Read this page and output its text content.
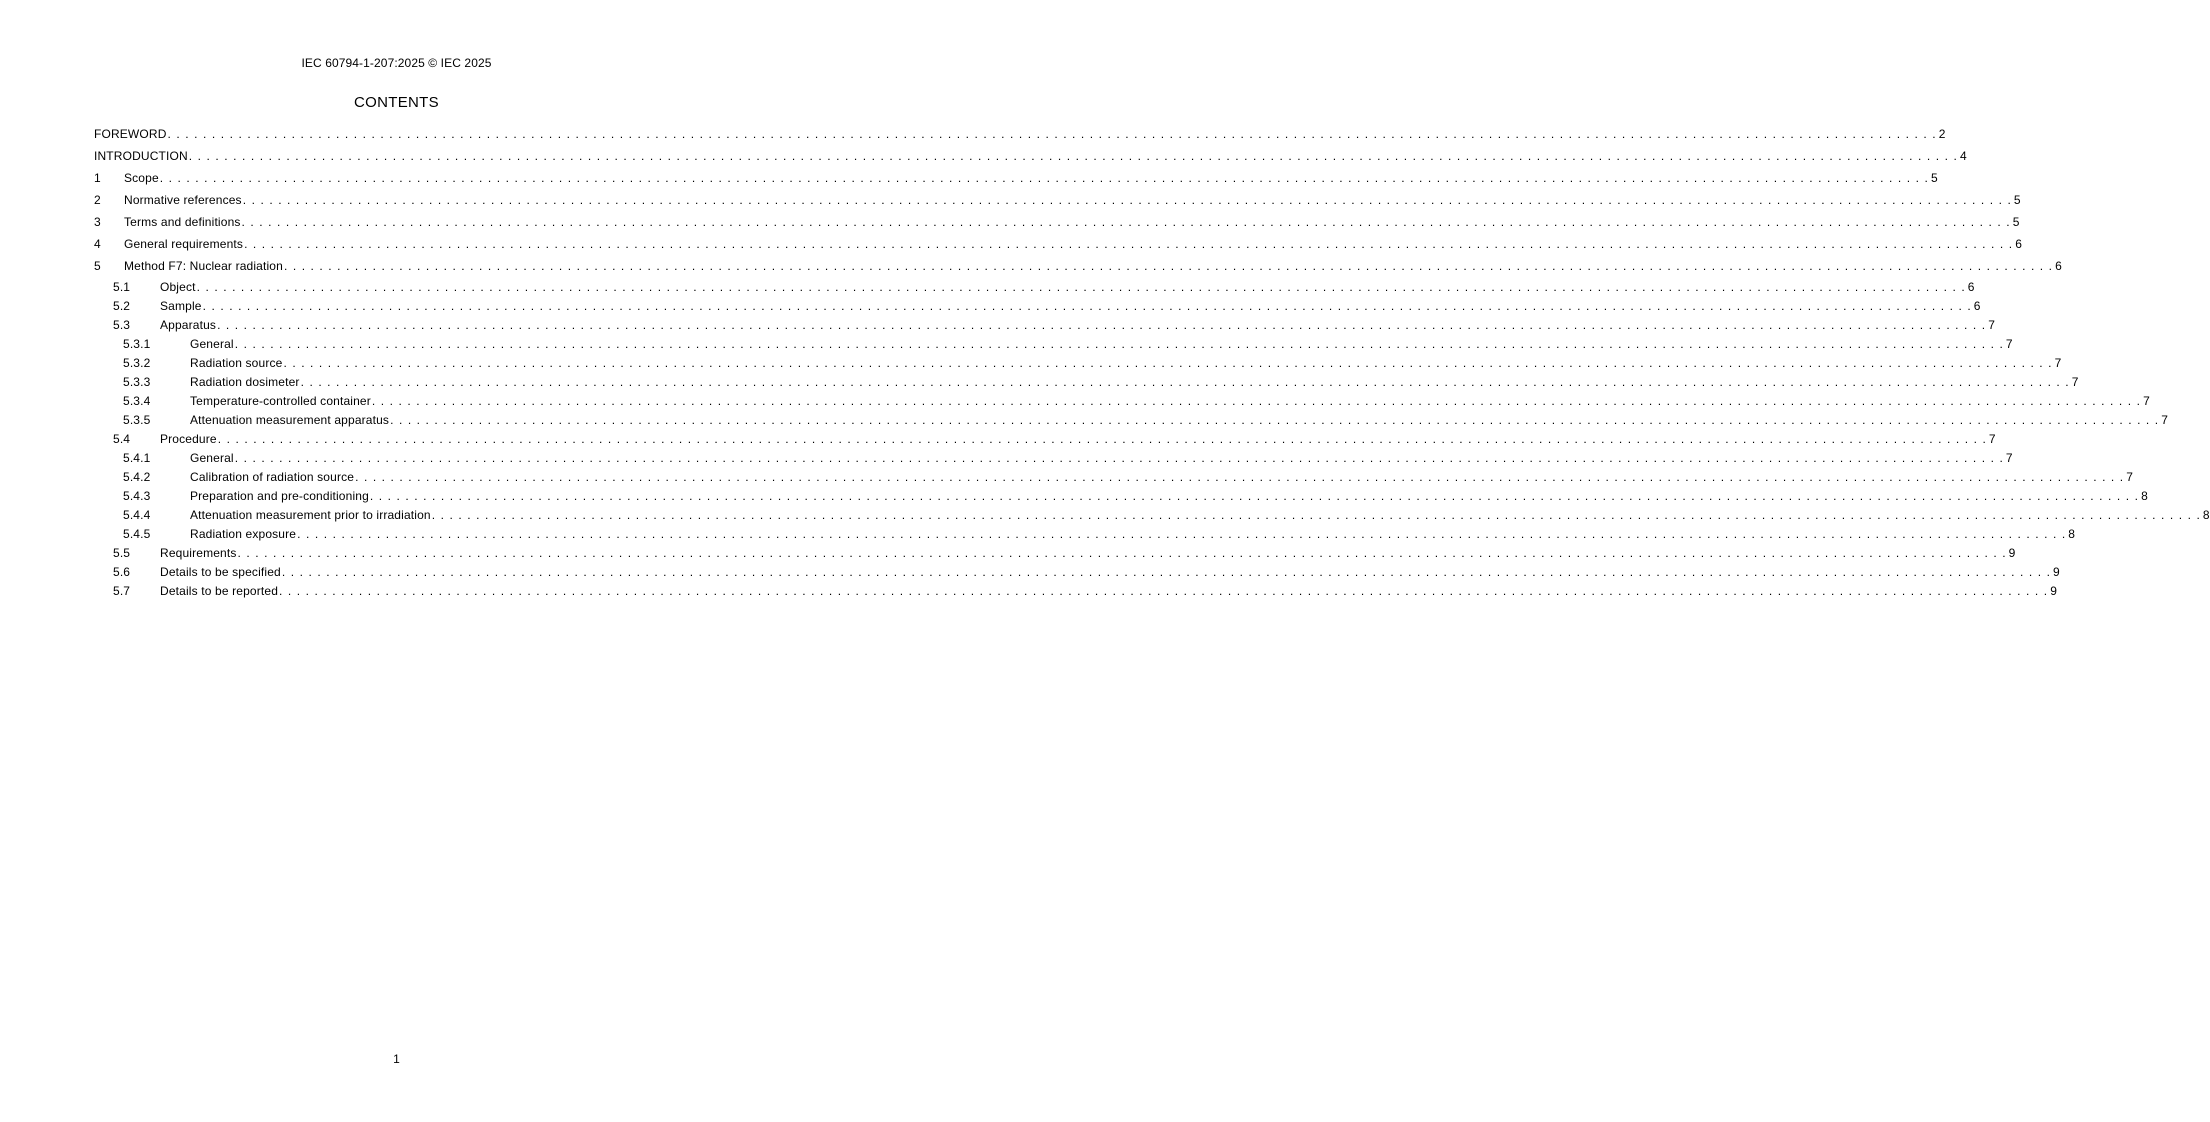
IEC 60794-1-207:2025 © IEC 2025
CONTENTS
FOREWORD . . . . . . . . . . . . . . . . . . . . . . . . . . . . . . . . . . . . . . . . . . . . . . . . . . . . . . . . . . . . . . . . . . . . . . . . . . . . . . . . . . . . . . . . . . . . . . . . . . . . . . . . . . . . . . . . . . . . . . . . . . . . . . . . . . . . . . . . . . . . . . . . . . . . . . . . . . . . . . . . . . . . . . . . . . . . . . . . . . . . . . . . . . . . . . . . . . . . . . . . 2
INTRODUCTION . . . . . . . . . . . . . . . . . . . . . . . . . . . . . . . . . . . . . . . . . . . . . . . . . . . . . . . . . . . . . . . . . . . . . . . . . . . . . . . . . . . . . . . . . . . . . . . . . . . . . . . . . . . . . . . . . . . . . . . . . . . . . . . . . . . . . . . . . . . . . . . . . . . . . . . . . . . . . . . . . . . . . . . . . . . . . . . . . . . . . . . . . . . . . . . . . . . . . . . . 4
1	Scope . . . . . . . . . . . . . . . . . . . . . . . . . . . . . . . . . . . . . . . . . . . . . . . . . . . . . . . . . . . . . . . . . . . . . . . . . . . . . . . . . . . . . . . . . . . . . . . . . . . . . . . . . . . . . . . . . . . . . . . . . . . . . . . . . . . . . . . . . . . . . . . . . . . . . . . . . . . . . . . . . . . . . . . . . . . . . . . . . . . . . . . . . . . . . . . . . . . . . . . . 5
2	Normative references . . . . . . . . . . . . . . . . . . . . . . . . . . . . . . . . . . . . . . . . . . . . . . . . . . . . . . . . . . . . . . . . . . . . . . . . . . . . . . . . . . . . . . . . . . . . . . . . . . . . . . . . . . . . . . . . . . . . . . . . . . . . . . . . . . . . . . . . . . . . . . . . . . . . . . . . . . . . . . . . . . . . . . . . . . . . . . . . . . . . . . . . . . . . . . . . . . . . . . . . 5
3	Terms and definitions . . . . . . . . . . . . . . . . . . . . . . . . . . . . . . . . . . . . . . . . . . . . . . . . . . . . . . . . . . . . . . . . . . . . . . . . . . . . . . . . . . . . . . . . . . . . . . . . . . . . . . . . . . . . . . . . . . . . . . . . . . . . . . . . . . . . . . . . . . . . . . . . . . . . . . . . . . . . . . . . . . . . . . . . . . . . . . . . . . . . . . . . . . . . . . . . . . . . . . . . 5
4	General requirements . . . . . . . . . . . . . . . . . . . . . . . . . . . . . . . . . . . . . . . . . . . . . . . . . . . . . . . . . . . . . . . . . . . . . . . . . . . . . . . . . . . . . . . . . . . . . . . . . . . . . . . . . . . . . . . . . . . . . . . . . . . . . . . . . . . . . . . . . . . . . . . . . . . . . . . . . . . . . . . . . . . . . . . . . . . . . . . . . . . . . . . . . . . . . . . . . . . . . . . . 6
5	Method F7: Nuclear radiation . . . . . . . . . . . . . . . . . . . . . . . . . . . . . . . . . . . . . . . . . . . . . . . . . . . . . . . . . . . . . . . . . . . . . . . . . . . . . . . . . . . . . . . . . . . . . . . . . . . . . . . . . . . . . . . . . . . . . . . . . . . . . . . . . . . . . . . . . . . . . . . . . . . . . . . . . . . . . . . . . . . . . . . . . . . . . . . . . . . . . . . . . . . . . . . . . . . . . . . . 6
5.1	Object . . . . . . . . . . . . . . . . . . . . . . . . . . . . . . . . . . . . . . . . . . . . . . . . . . . . . . . . . . . . . . . . . . . . . . . . . . . . . . . . . . . . . . . . . . . . . . . . . . . . . . . . . . . . . . . . . . . . . . . . . . . . . . . . . . . . . . . . . . . . . . . . . . . . . . . . . . . . . . . . . . . . . . . . . . . . . . . . . . . . . . . . . . . . . . . . . . . . . . . . 6
5.2	Sample . . . . . . . . . . . . . . . . . . . . . . . . . . . . . . . . . . . . . . . . . . . . . . . . . . . . . . . . . . . . . . . . . . . . . . . . . . . . . . . . . . . . . . . . . . . . . . . . . . . . . . . . . . . . . . . . . . . . . . . . . . . . . . . . . . . . . . . . . . . . . . . . . . . . . . . . . . . . . . . . . . . . . . . . . . . . . . . . . . . . . . . . . . . . . . . . . . . . . . . . 6
5.3	Apparatus . . . . . . . . . . . . . . . . . . . . . . . . . . . . . . . . . . . . . . . . . . . . . . . . . . . . . . . . . . . . . . . . . . . . . . . . . . . . . . . . . . . . . . . . . . . . . . . . . . . . . . . . . . . . . . . . . . . . . . . . . . . . . . . . . . . . . . . . . . . . . . . . . . . . . . . . . . . . . . . . . . . . . . . . . . . . . . . . . . . . . . . . . . . . . . . . . . . . . . . . 7
5.3.1	General . . . . . . . . . . . . . . . . . . . . . . . . . . . . . . . . . . . . . . . . . . . . . . . . . . . . . . . . . . . . . . . . . . . . . . . . . . . . . . . . . . . . . . . . . . . . . . . . . . . . . . . . . . . . . . . . . . . . . . . . . . . . . . . . . . . . . . . . . . . . . . . . . . . . . . . . . . . . . . . . . . . . . . . . . . . . . . . . . . . . . . . . . . . . . . . . . . . . . . . . 7
5.3.2	Radiation source . . . . . . . . . . . . . . . . . . . . . . . . . . . . . . . . . . . . . . . . . . . . . . . . . . . . . . . . . . . . . . . . . . . . . . . . . . . . . . . . . . . . . . . . . . . . . . . . . . . . . . . . . . . . . . . . . . . . . . . . . . . . . . . . . . . . . . . . . . . . . . . . . . . . . . . . . . . . . . . . . . . . . . . . . . . . . . . . . . . . . . . . . . . . . . . . . . . . . . . . 7
5.3.3	Radiation dosimeter . . . . . . . . . . . . . . . . . . . . . . . . . . . . . . . . . . . . . . . . . . . . . . . . . . . . . . . . . . . . . . . . . . . . . . . . . . . . . . . . . . . . . . . . . . . . . . . . . . . . . . . . . . . . . . . . . . . . . . . . . . . . . . . . . . . . . . . . . . . . . . . . . . . . . . . . . . . . . . . . . . . . . . . . . . . . . . . . . . . . . . . . . . . . . . . . . . . . . . . . 7
5.3.4	Temperature-controlled container . . . . . . . . . . . . . . . . . . . . . . . . . . . . . . . . . . . . . . . . . . . . . . . . . . . . . . . . . . . . . . . . . . . . . . . . . . . . . . . . . . . . . . . . . . . . . . . . . . . . . . . . . . . . . . . . . . . . . . . . . . . . . . . . . . . . . . . . . . . . . . . . . . . . . . . . . . . . . . . . . . . . . . . . . . . . . . . . . . . . . . . . . . . . . . . . . . . . . . . . 7
5.3.5	Attenuation measurement apparatus . . . . . . . . . . . . . . . . . . . . . . . . . . . . . . . . . . . . . . . . . . . . . . . . . . . . . . . . . . . . . . . . . . . . . . . . . . . . . . . . . . . . . . . . . . . . . . . . . . . . . . . . . . . . . . . . . . . . . . . . . . . . . . . . . . . . . . . . . . . . . . . . . . . . . . . . . . . . . . . . . . . . . . . . . . . . . . . . . . . . . . . . . . . . . . . . . . . . . . . . 7
5.4	Procedure . . . . . . . . . . . . . . . . . . . . . . . . . . . . . . . . . . . . . . . . . . . . . . . . . . . . . . . . . . . . . . . . . . . . . . . . . . . . . . . . . . . . . . . . . . . . . . . . . . . . . . . . . . . . . . . . . . . . . . . . . . . . . . . . . . . . . . . . . . . . . . . . . . . . . . . . . . . . . . . . . . . . . . . . . . . . . . . . . . . . . . . . . . . . . . . . . . . . . . . . 7
5.4.1	General . . . . . . . . . . . . . . . . . . . . . . . . . . . . . . . . . . . . . . . . . . . . . . . . . . . . . . . . . . . . . . . . . . . . . . . . . . . . . . . . . . . . . . . . . . . . . . . . . . . . . . . . . . . . . . . . . . . . . . . . . . . . . . . . . . . . . . . . . . . . . . . . . . . . . . . . . . . . . . . . . . . . . . . . . . . . . . . . . . . . . . . . . . . . . . . . . . . . . . . . 7
5.4.2	Calibration of radiation source . . . . . . . . . . . . . . . . . . . . . . . . . . . . . . . . . . . . . . . . . . . . . . . . . . . . . . . . . . . . . . . . . . . . . . . . . . . . . . . . . . . . . . . . . . . . . . . . . . . . . . . . . . . . . . . . . . . . . . . . . . . . . . . . . . . . . . . . . . . . . . . . . . . . . . . . . . . . . . . . . . . . . . . . . . . . . . . . . . . . . . . . . . . . . . . . . . . . . . . . 7
5.4.3	Preparation and pre-conditioning . . . . . . . . . . . . . . . . . . . . . . . . . . . . . . . . . . . . . . . . . . . . . . . . . . . . . . . . . . . . . . . . . . . . . . . . . . . . . . . . . . . . . . . . . . . . . . . . . . . . . . . . . . . . . . . . . . . . . . . . . . . . . . . . . . . . . . . . . . . . . . . . . . . . . . . . . . . . . . . . . . . . . . . . . . . . . . . . . . . . . . . . . . . . . . . . . . . . . . . . 8
5.4.4	Attenuation measurement prior to irradiation . . . . . . . . . . . . . . . . . . . . . . . . . . . . . . . . . . . . . . . . . . . . . . . . . . . . . . . . . . . . . . . . . . . . . . . . . . . . . . . . . . . . . . . . . . . . . . . . . . . . . . . . . . . . . . . . . . . . . . . . . . . . . . . . . . . . . . . . . . . . . . . . . . . . . . . . . . . . . . . . . . . . . . . . . . . . . . . . . . . . . . . . . . . . . . . . . . . . . . . . 8
5.4.5	Radiation exposure . . . . . . . . . . . . . . . . . . . . . . . . . . . . . . . . . . . . . . . . . . . . . . . . . . . . . . . . . . . . . . . . . . . . . . . . . . . . . . . . . . . . . . . . . . . . . . . . . . . . . . . . . . . . . . . . . . . . . . . . . . . . . . . . . . . . . . . . . . . . . . . . . . . . . . . . . . . . . . . . . . . . . . . . . . . . . . . . . . . . . . . . . . . . . . . . . . . . . . . . 8
5.5	Requirements . . . . . . . . . . . . . . . . . . . . . . . . . . . . . . . . . . . . . . . . . . . . . . . . . . . . . . . . . . . . . . . . . . . . . . . . . . . . . . . . . . . . . . . . . . . . . . . . . . . . . . . . . . . . . . . . . . . . . . . . . . . . . . . . . . . . . . . . . . . . . . . . . . . . . . . . . . . . . . . . . . . . . . . . . . . . . . . . . . . . . . . . . . . . . . . . . . . . . . . . 9
5.6	Details to be specified . . . . . . . . . . . . . . . . . . . . . . . . . . . . . . . . . . . . . . . . . . . . . . . . . . . . . . . . . . . . . . . . . . . . . . . . . . . . . . . . . . . . . . . . . . . . . . . . . . . . . . . . . . . . . . . . . . . . . . . . . . . . . . . . . . . . . . . . . . . . . . . . . . . . . . . . . . . . . . . . . . . . . . . . . . . . . . . . . . . . . . . . . . . . . . . . . . . . . . . . 9
5.7	Details to be reported . . . . . . . . . . . . . . . . . . . . . . . . . . . . . . . . . . . . . . . . . . . . . . . . . . . . . . . . . . . . . . . . . . . . . . . . . . . . . . . . . . . . . . . . . . . . . . . . . . . . . . . . . . . . . . . . . . . . . . . . . . . . . . . . . . . . . . . . . . . . . . . . . . . . . . . . . . . . . . . . . . . . . . . . . . . . . . . . . . . . . . . . . . . . . . . . . . . . . . . . 9
1
